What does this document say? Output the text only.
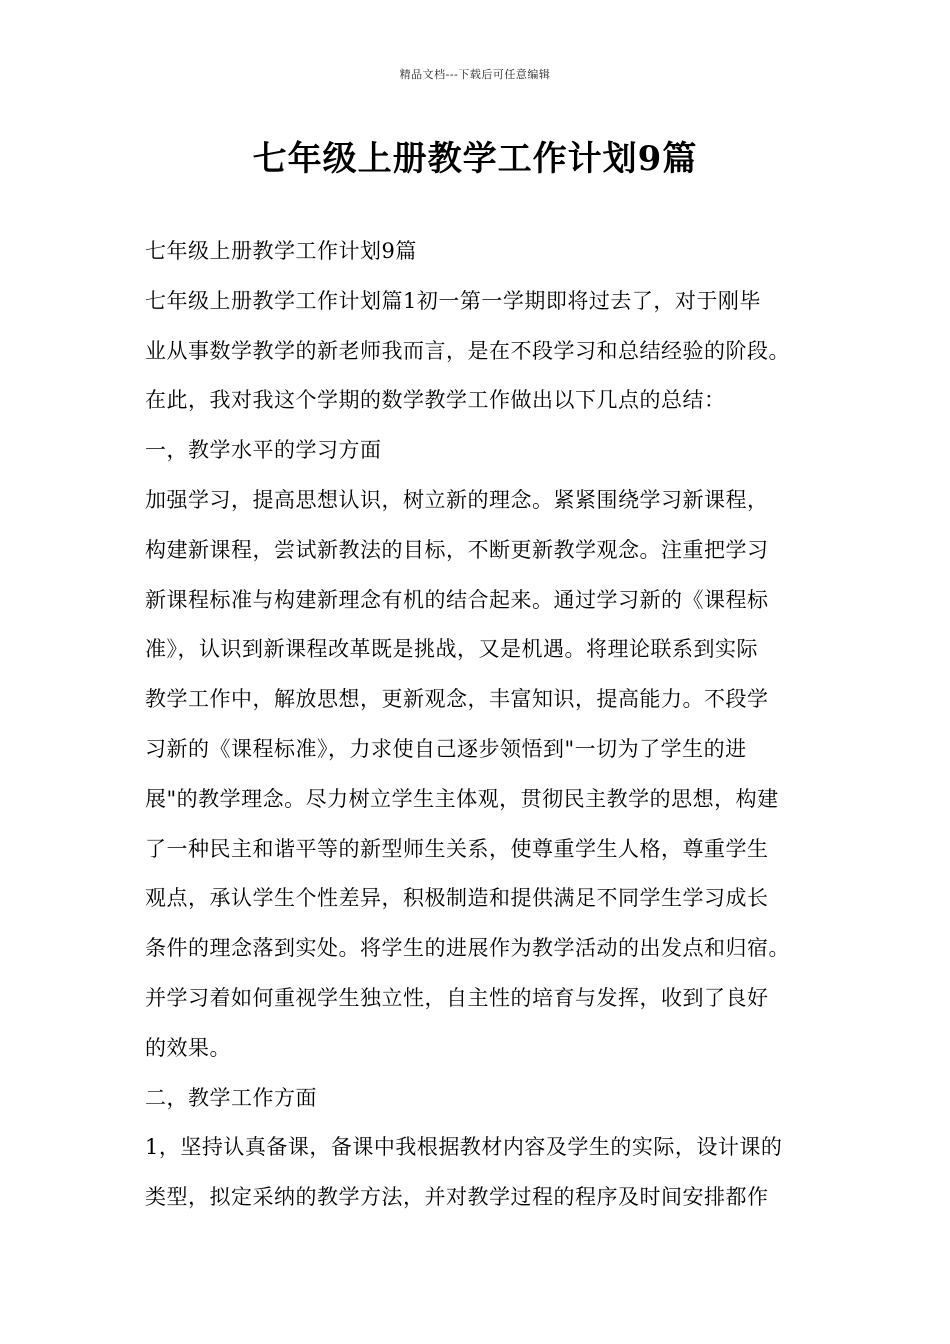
精品文档---下载后可任意编辑
七年级上册教学工作计划9篇
七年级上册教学工作计划9篇
七年级上册教学工作计划篇1初一第一学期即将过去了，对于刚毕
业从事数学教学的新老师我而言，是在不段学习和总结经验的阶段。
在此，我对我这个学期的数学教学工作做出以下几点的总结：
一，教学水平的学习方面
加强学习，提高思想认识，树立新的理念。紧紧围绕学习新课程，
构建新课程，尝试新教法的目标，不断更新教学观念。注重把学习
新课程标准与构建新理念有机的结合起来。通过学习新的《课程标
准》，认识到新课程改革既是挑战，又是机遇。将理论联系到实际
教学工作中，解放思想，更新观念，丰富知识，提高能力。不段学
习新的《课程标准》，力求使自己逐步领悟到"一切为了学生的进
展"的教学理念。尽力树立学生主体观，贯彻民主教学的思想，构建
了一种民主和谐平等的新型师生关系，使尊重学生人格，尊重学生
观点，承认学生个性差异，积极制造和提供满足不同学生学习成长
条件的理念落到实处。将学生的进展作为教学活动的出发点和归宿。
并学习着如何重视学生独立性，自主性的培育与发挥，收到了良好
的效果。
二，教学工作方面
1，坚持认真备课，备课中我根据教材内容及学生的实际，设计课的
类型，拟定采纳的教学方法，并对教学过程的程序及时间安排都作
